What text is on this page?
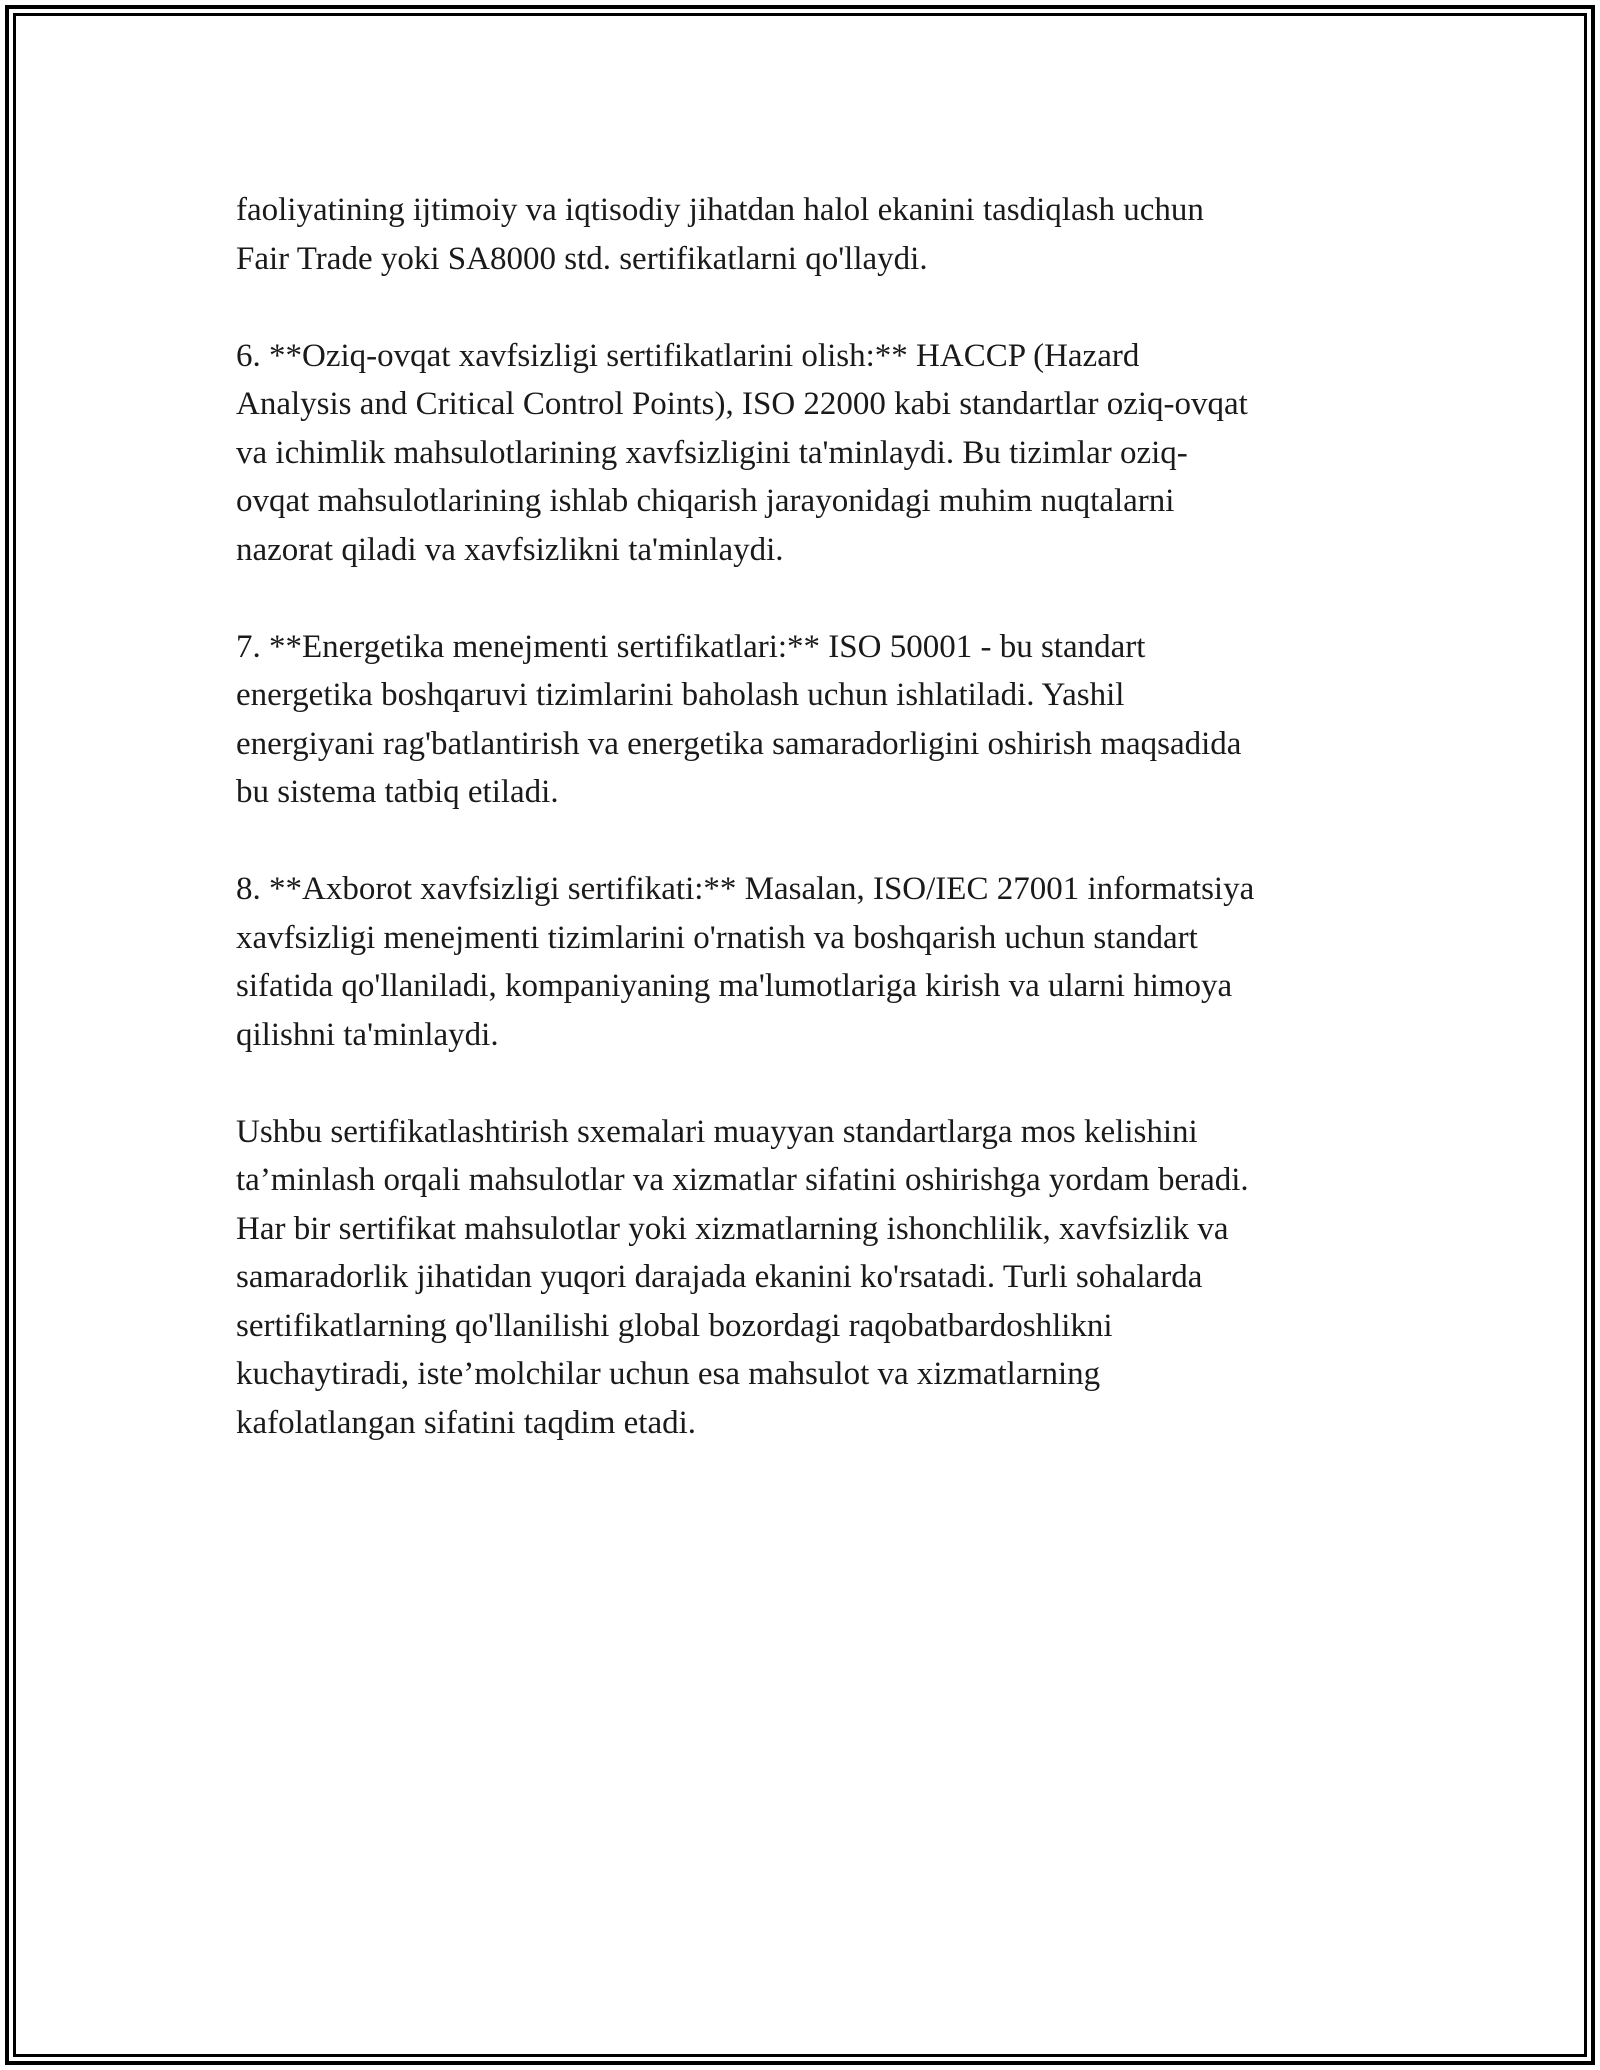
faoliyatining ijtimoiy va iqtisodiy jihatdan halol ekanini tasdiqlash uchun
Fair Trade yoki SA8000 std. sertifikatlarni qo'llaydi.

6. **Oziq-ovqat xavfsizligi sertifikatlarini olish:** HACCP (Hazard
Analysis and Critical Control Points), ISO 22000 kabi standartlar oziq-ovqat
va ichimlik mahsulotlarining xavfsizligini ta'minlaydi. Bu tizimlar oziq-
ovqat mahsulotlarining ishlab chiqarish jarayonidagi muhim nuqtalarni
nazorat qiladi va xavfsizlikni ta'minlaydi.

7. **Energetika menejmenti sertifikatlari:** ISO 50001 - bu standart
energetika boshqaruvi tizimlarini baholash uchun ishlatiladi. Yashil
energiyani rag'batlantirish va energetika samaradorligini oshirish maqsadida
bu sistema tatbiq etiladi.

8. **Axborot xavfsizligi sertifikati:** Masalan, ISO/IEC 27001 informatsiya
xavfsizligi menejmenti tizimlarini o'rnatish va boshqarish uchun standart
sifatida qo'llaniladi, kompaniyaning ma'lumotlariga kirish va ularni himoya
qilishni ta'minlaydi.

Ushbu sertifikatlashtirish sxemalari muayyan standartlarga mos kelishini
ta’minlash orqali mahsulotlar va xizmatlar sifatini oshirishga yordam beradi.
Har bir sertifikat mahsulotlar yoki xizmatlarning ishonchlilik, xavfsizlik va
samaradorlik jihatidan yuqori darajada ekanini ko'rsatadi. Turli sohalarda
sertifikatlarning qo'llanilishi global bozordagi raqobatbardoshlikni
kuchaytiradi, iste’molchilar uchun esa mahsulot va xizmatlarning
kafolatlangan sifatini taqdim etadi.
